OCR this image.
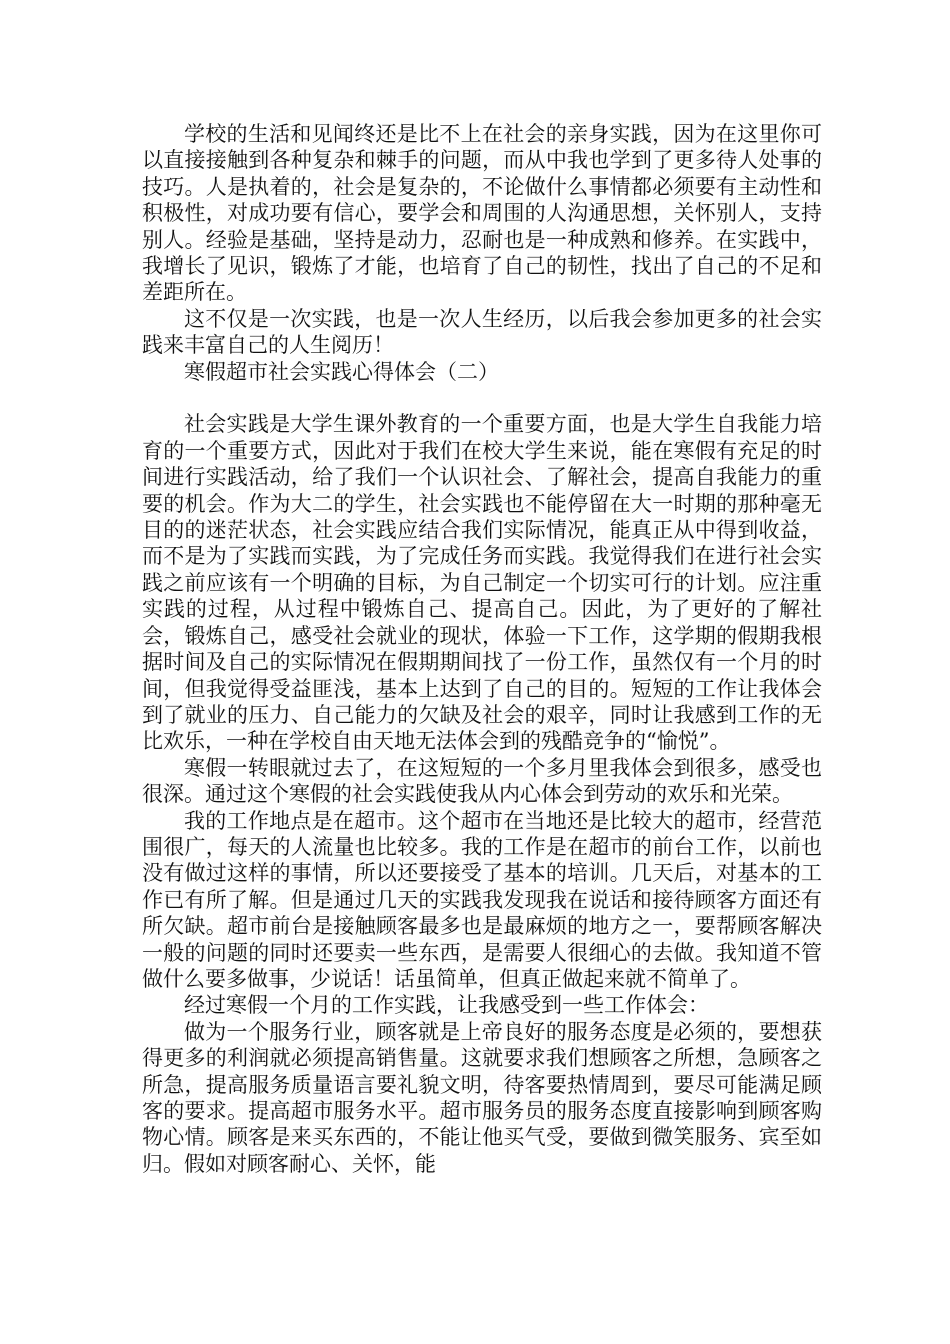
学校的生活和见闻终还是比不上在社会的亲身实践，因为在这里你可以直接接触到各种复杂和棘手的问题，而从中我也学到了更多待人处事的技巧。人是执着的，社会是复杂的，不论做什么事情都必须要有主动性和积极性，对成功要有信心，要学会和周围的人沟通思想，关怀别人，支持别人。经验是基础，坚持是动力，忍耐也是一种成熟和修养。在实践中，我增长了见识，锻炼了才能，也培育了自己的韧性，找出了自己的不足和差距所在。

这不仅是一次实践，也是一次人生经历，以后我会参加更多的社会实践来丰富自己的人生阅历！

寒假超市社会实践心得体会（二）

社会实践是大学生课外教育的一个重要方面，也是大学生自我能力培育的一个重要方式，因此对于我们在校大学生来说，能在寒假有充足的时间进行实践活动，给了我们一个认识社会、了解社会，提高自我能力的重要的机会。作为大二的学生，社会实践也不能停留在大一时期的那种毫无目的的迷茫状态，社会实践应结合我们实际情况，能真正从中得到收益，而不是为了实践而实践，为了完成任务而实践。我觉得我们在进行社会实践之前应该有一个明确的目标，为自己制定一个切实可行的计划。应注重实践的过程，从过程中锻炼自己、提高自己。因此，为了更好的了解社会，锻炼自己，感受社会就业的现状，体验一下工作，这学期的假期我根据时间及自己的实际情况在假期期间找了一份工作，虽然仅有一个月的时间，但我觉得受益匪浅，基本上达到了自己的目的。短短的工作让我体会到了就业的压力、自己能力的欠缺及社会的艰辛，同时让我感到工作的无比欢乐，一种在学校自由天地无法体会到的残酷竞争的“愉悦”。

寒假一转眼就过去了，在这短短的一个多月里我体会到很多，感受也很深。通过这个寒假的社会实践使我从内心体会到劳动的欢乐和光荣。

我的工作地点是在超市。这个超市在当地还是比较大的超市，经营范围很广，每天的人流量也比较多。我的工作是在超市的前台工作，以前也没有做过这样的事情，所以还要接受了基本的培训。几天后，对基本的工作已有所了解。但是通过几天的实践我发现我在说话和接待顾客方面还有所欠缺。超市前台是接触顾客最多也是最麻烦的地方之一，要帮顾客解决一般的问题的同时还要卖一些东西，是需要人很细心的去做。我知道不管做什么要多做事，少说话！话虽简单，但真正做起来就不简单了。

经过寒假一个月的工作实践，让我感受到一些工作体会：

做为一个服务行业，顾客就是上帝良好的服务态度是必须的，要想获得更多的利润就必须提高销售量。这就要求我们想顾客之所想，急顾客之所急，提高服务质量语言要礼貌文明，待客要热情周到，要尽可能满足顾客的要求。提高超市服务水平。超市服务员的服务态度直接影响到顾客购物心情。顾客是来买东西的，不能让他买气受，要做到微笑服务、宾至如归。假如对顾客耐心、关怀，能
